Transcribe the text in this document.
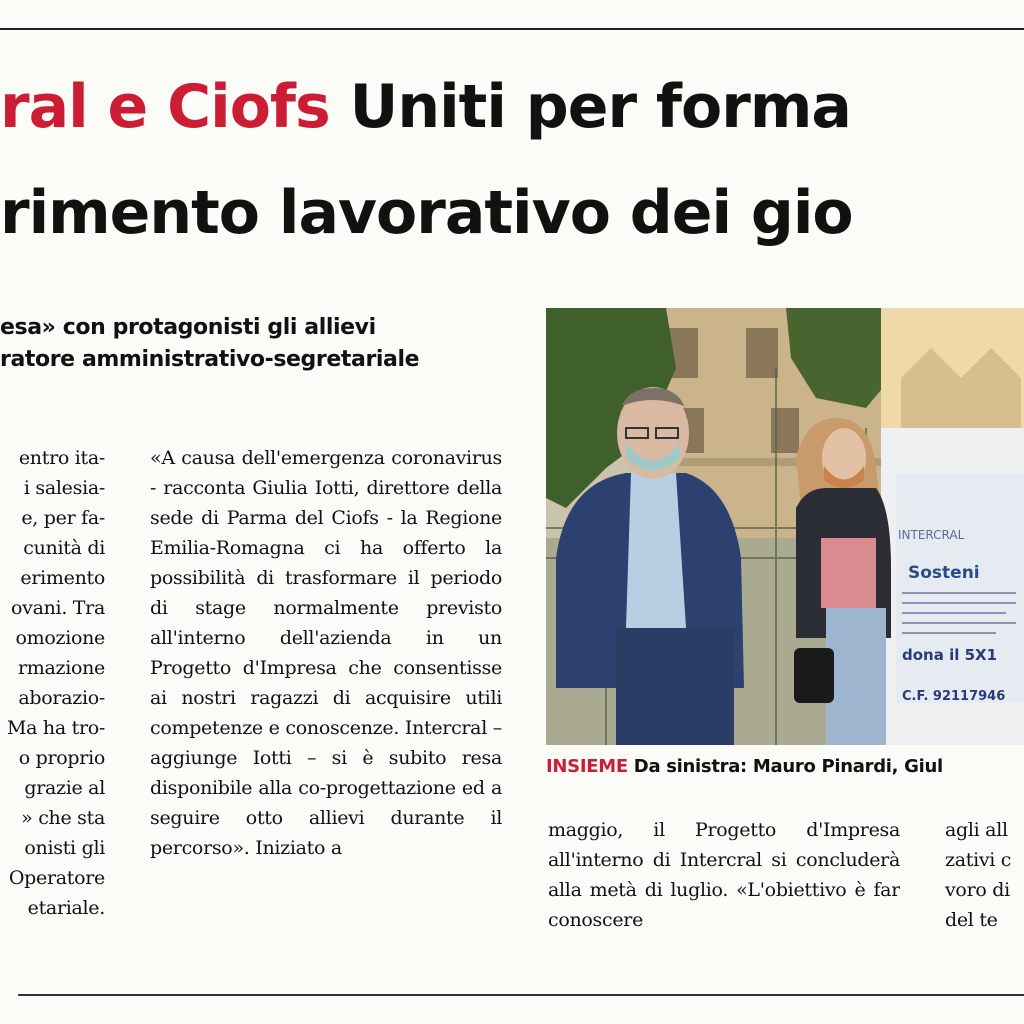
ral e Ciofs Uniti per forma
rimento lavorativo dei gio
esa» con protagonisti gli allievi
ratore amministrativo-segretariale
entro ita-
i salesia-
e, per fa-
cunità di
erimento
ovani. Tra
omozione
rmazione
aborazio-
Ma ha tro-
o proprio
grazie al
» che sta
onisti gli
Operatore
etariale.

«A causa dell'emergenza coronavirus - racconta Giulia Iotti, direttore della sede di Parma del Ciofs - la Regione Emilia-Romagna ci ha offerto la possibilità di trasformare il periodo di stage normalmente previsto all'interno dell'azienda in un Progetto d'Impresa che consentisse ai nostri ragazzi di acquisire utili competenze e conoscenze. Intercral – aggiunge Iotti – si è subito resa disponibile alla co-progettazione ed a seguire otto allievi durante il percorso». Iniziato a

INTERCRAL
Sosteni
dona il 5X1
C.F. 92117946

INSIEME Da sinistra: Mauro Pinardi, Giul

maggio, il Progetto d'Impresa all'interno di Intercral si concluderà alla metà di luglio. «L'obiettivo è far conoscere

agli all
zativi c
voro di
del te
